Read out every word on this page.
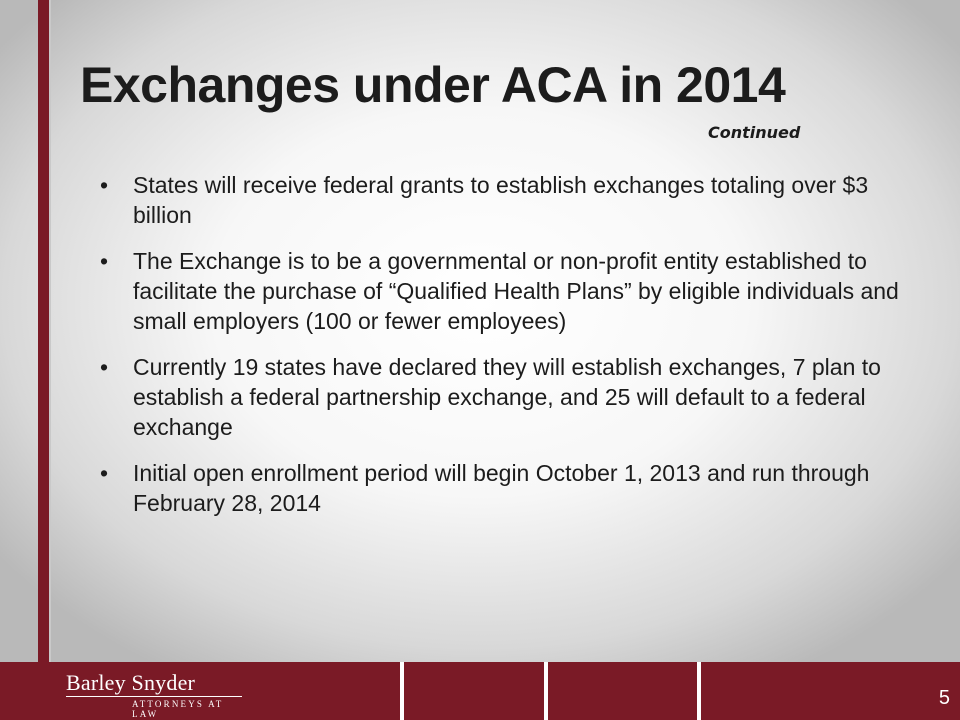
Exchanges under ACA in 2014
Continued
• States will receive federal grants to establish exchanges totaling over $3 billion
• The Exchange is to be a governmental or non-profit entity established to facilitate the purchase of “Qualified Health Plans” by eligible individuals and small employers (100 or fewer employees)
• Currently 19 states have declared they will establish exchanges, 7 plan to establish a federal partnership exchange, and 25 will default to a federal exchange
• Initial open enrollment period will begin October 1, 2013 and run through February 28, 2014
Barley Snyder
ATTORNEYS AT LAW
5
